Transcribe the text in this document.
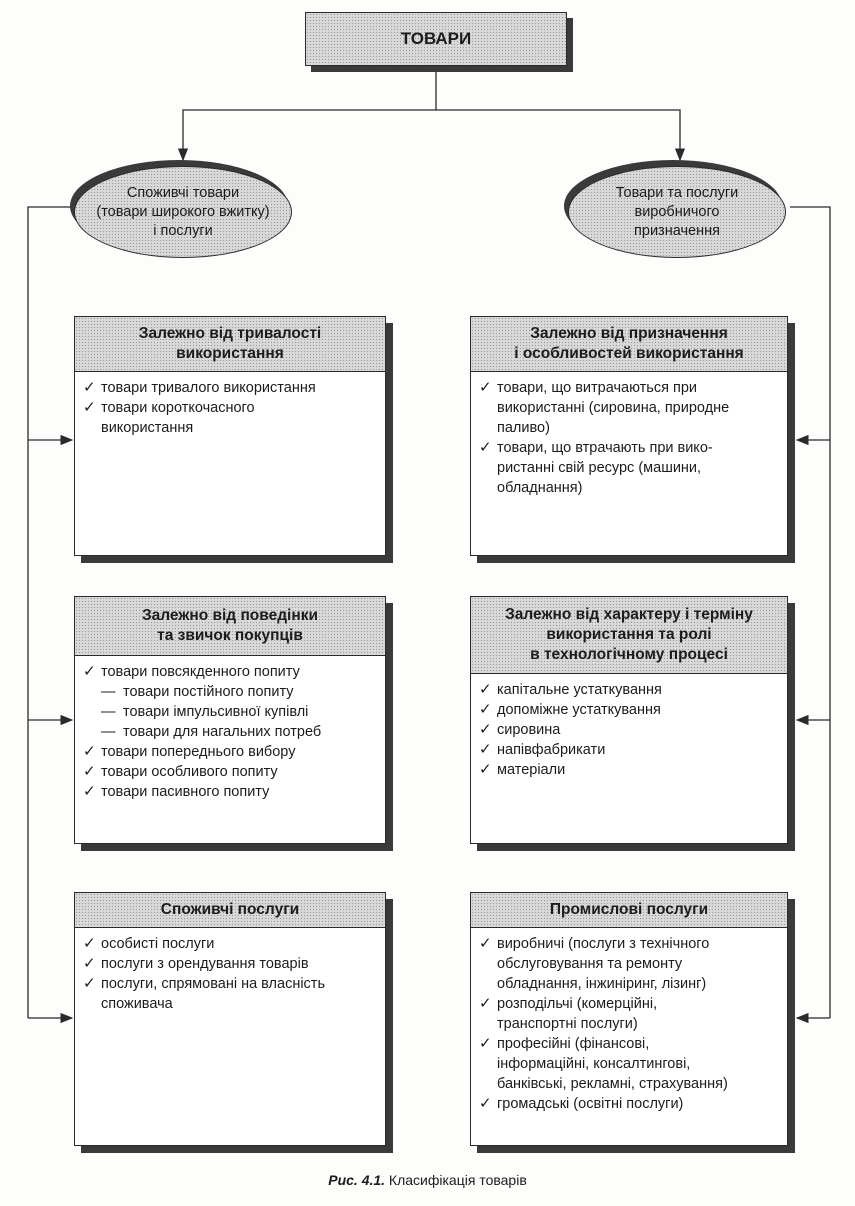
ТОВАРИ
Споживчі товари
(товари широкого вжитку)
і послуги
Товари та послуги
виробничого
призначення
Залежно від тривалості
використання
✓ товари тривалого використання
✓ товари короткочасного
використання
Залежно від поведінки
та звичок покупців
✓ товари повсякденного попиту
— товари постійного попиту
— товари імпульсивної купівлі
— товари для нагальних потреб
✓ товари попереднього вибору
✓ товари особливого попиту
✓ товари пасивного попиту
Споживчі послуги
✓ особисті послуги
✓ послуги з орендування товарів
✓ послуги, спрямовані на власність
споживача
Залежно від призначення
і особливостей використання
✓ товари, що витрачаються при
використанні (сировина, природне
паливо)
✓ товари, що втрачають при вико-
ристанні свій ресурс (машини,
обладнання)
Залежно від характеру і терміну
використання та ролі
в технологічному процесі
✓ капітальне устаткування
✓ допоміжне устаткування
✓ сировина
✓ напівфабрикати
✓ матеріали
Промислові послуги
✓ виробничі (послуги з технічного
обслуговування та ремонту
обладнання, інжиніринг, лізинг)
✓ розподільчі (комерційні,
транспортні послуги)
✓ професійні (фінансові,
інформаційні, консалтингові,
банківські, рекламні, страхування)
✓ громадські (освітні послуги)
Рис. 4.1. Класифікація товарів
